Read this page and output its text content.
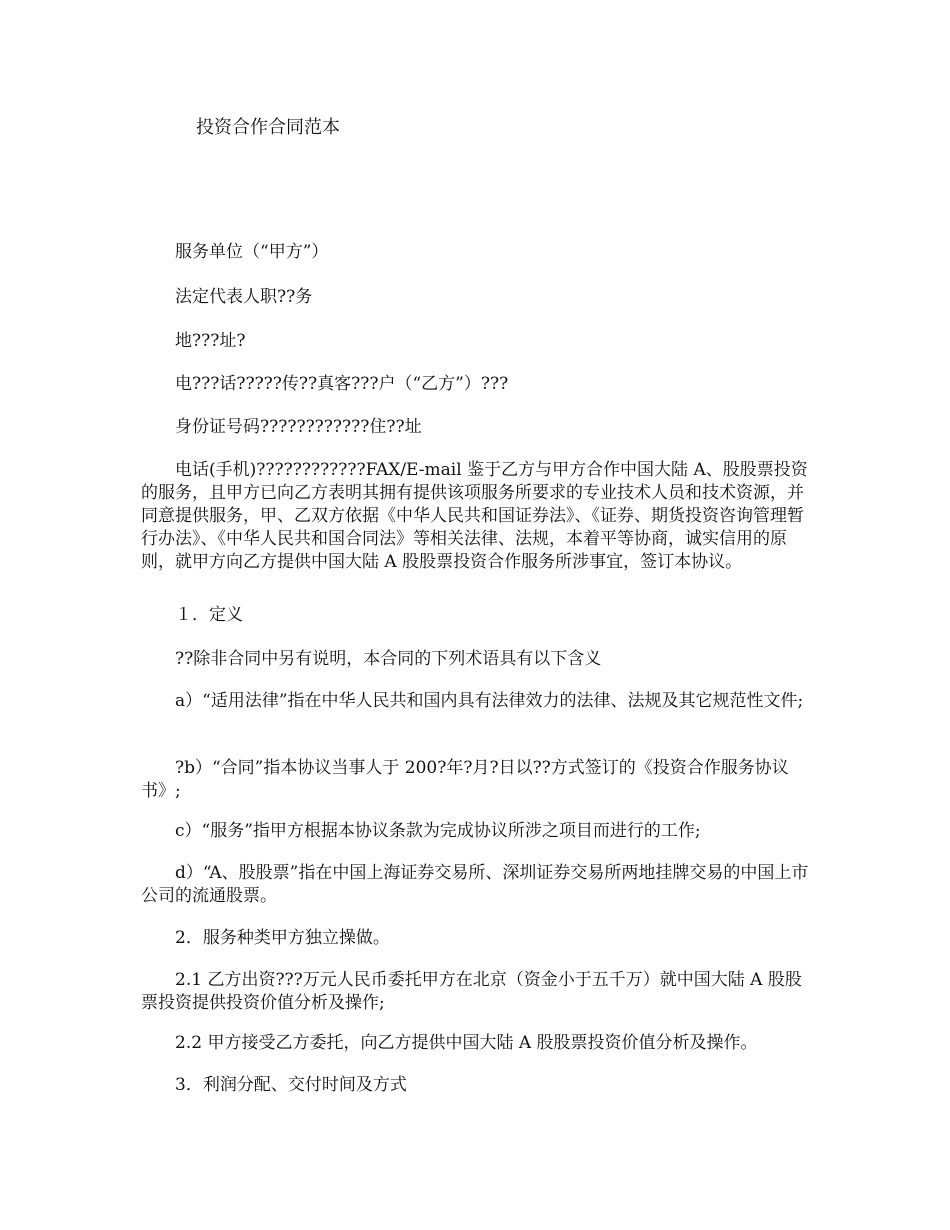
投资合作合同范本

服务单位（“甲方”）

法定代表人职??务

地???址?

电???话?????传??真客???户（“乙方”）???

身份证号码????????????住??址

电话(手机)????????????FAX/E-mail 鉴于乙方与甲方合作中国大陆 A、股股票投资的服务，且甲方已向乙方表明其拥有提供该项服务所要求的专业技术人员和技术资源，并同意提供服务，甲、乙双方依据《中华人民共和国证券法》、《证券、期货投资咨询管理暂行办法》、《中华人民共和国合同法》等相关法律、法规，本着平等协商，诚实信用的原则，就甲方向乙方提供中国大陆 A 股股票投资合作服务所涉事宜，签订本协议。

１．定义

??除非合同中另有说明，本合同的下列术语具有以下含义

a）“适用法律”指在中华人民共和国内具有法律效力的法律、法规及其它规范性文件;

?b）“合同”指本协议当事人于 200?年?月?日以??方式签订的《投资合作服务协议书》;

c）“服务”指甲方根据本协议条款为完成协议所涉之项目而进行的工作;

d）“A、股股票”指在中国上海证券交易所、深圳证券交易所两地挂牌交易的中国上市公司的流通股票。

2．服务种类甲方独立操做。

2.1 乙方出资???万元人民币委托甲方在北京（资金小于五千万）就中国大陆 A 股股票投资提供投资价值分析及操作;

2.2 甲方接受乙方委托，向乙方提供中国大陆 A 股股票投资价值分析及操作。

3．利润分配、交付时间及方式
